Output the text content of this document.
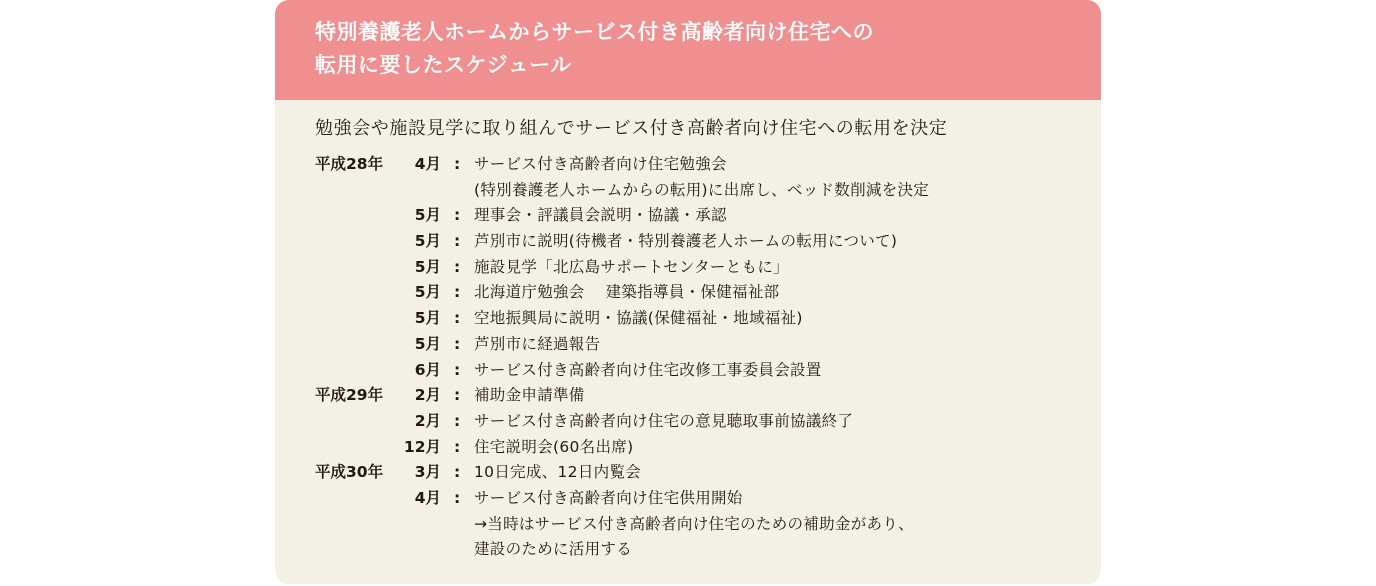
特別養護老人ホームからサービス付き高齢者向け住宅への
転用に要したスケジュール

勉強会や施設見学に取り組んでサービス付き高齢者向け住宅への転用を決定

平成28年 4月 : サービス付き高齢者向け住宅勉強会
(特別養護老人ホームからの転用)に出席し、ベッド数削減を決定
5月 : 理事会・評議員会説明・協議・承認
5月 : 芦別市に説明(待機者・特別養護老人ホームの転用について)
5月 : 施設見学「北広島サポートセンターともに」
5月 : 北海道庁勉強会　 建築指導員・保健福祉部
5月 : 空地振興局に説明・協議(保健福祉・地域福祉)
5月 : 芦別市に経過報告
6月 : サービス付き高齢者向け住宅改修工事委員会設置
平成29年 2月 : 補助金申請準備
2月 : サービス付き高齢者向け住宅の意見聴取事前協議終了
12月 : 住宅説明会(60名出席)
平成30年 3月 : 10日完成、12日内覧会
4月 : サービス付き高齢者向け住宅供用開始
→当時はサービス付き高齢者向け住宅のための補助金があり、
建設のために活用する
